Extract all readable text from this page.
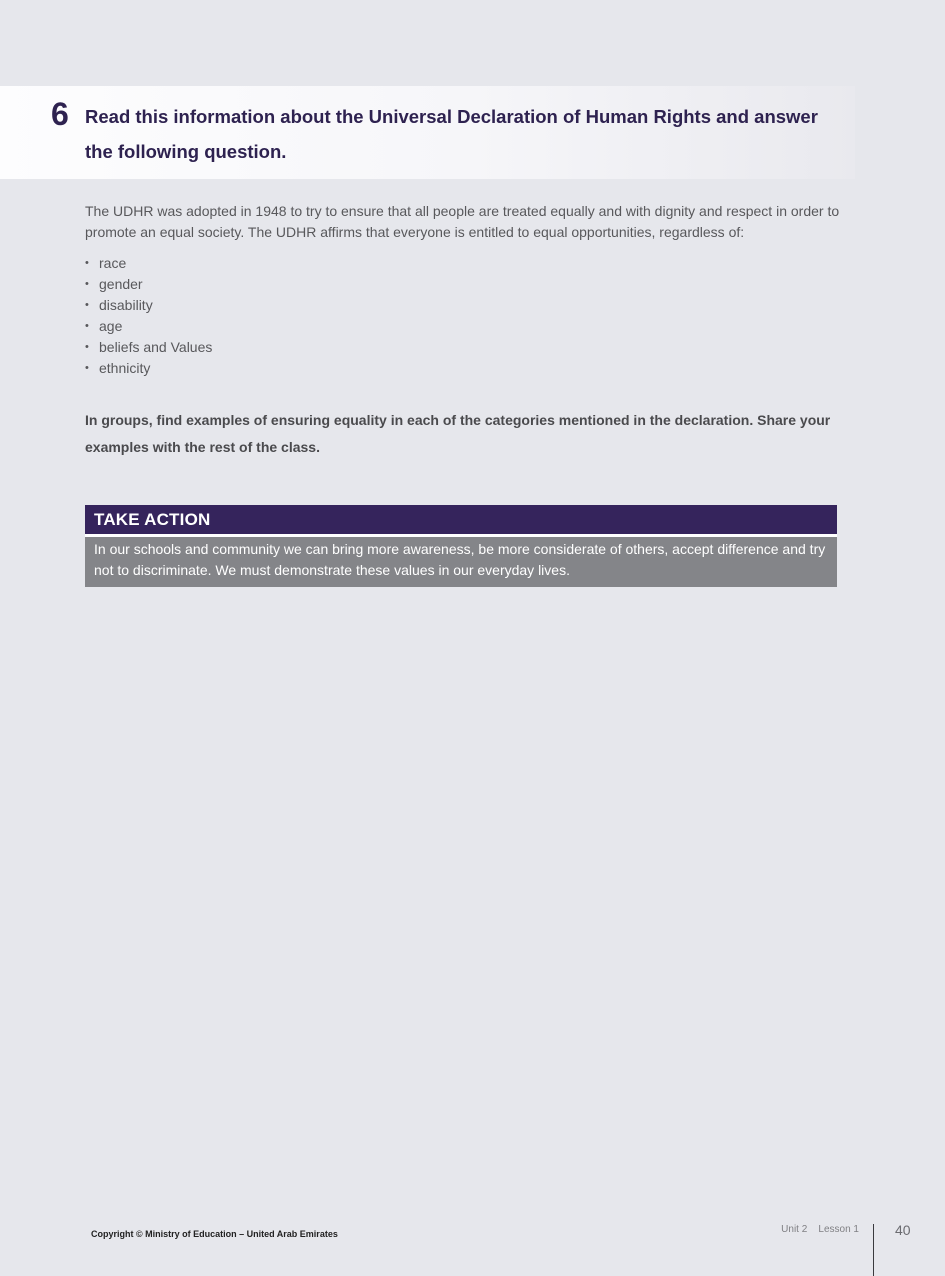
6 Read this information about the Universal Declaration of Human Rights and answer the following question.

The UDHR was adopted in 1948 to try to ensure that all people are treated equally and with dignity and respect in order to promote an equal society. The UDHR affirms that everyone is entitled to equal opportunities, regardless of:

• race
• gender
• disability
• age
• beliefs and Values
• ethnicity

In groups, find examples of ensuring equality in each of the categories mentioned in the declaration. Share your examples with the rest of the class.

TAKE ACTION
In our schools and community we can bring more awareness, be more considerate of others, accept difference and try not to discriminate. We must demonstrate these values in our everyday lives.
Copyright © Ministry of Education – United Arab Emirates	Unit 2 Lesson 1	40
